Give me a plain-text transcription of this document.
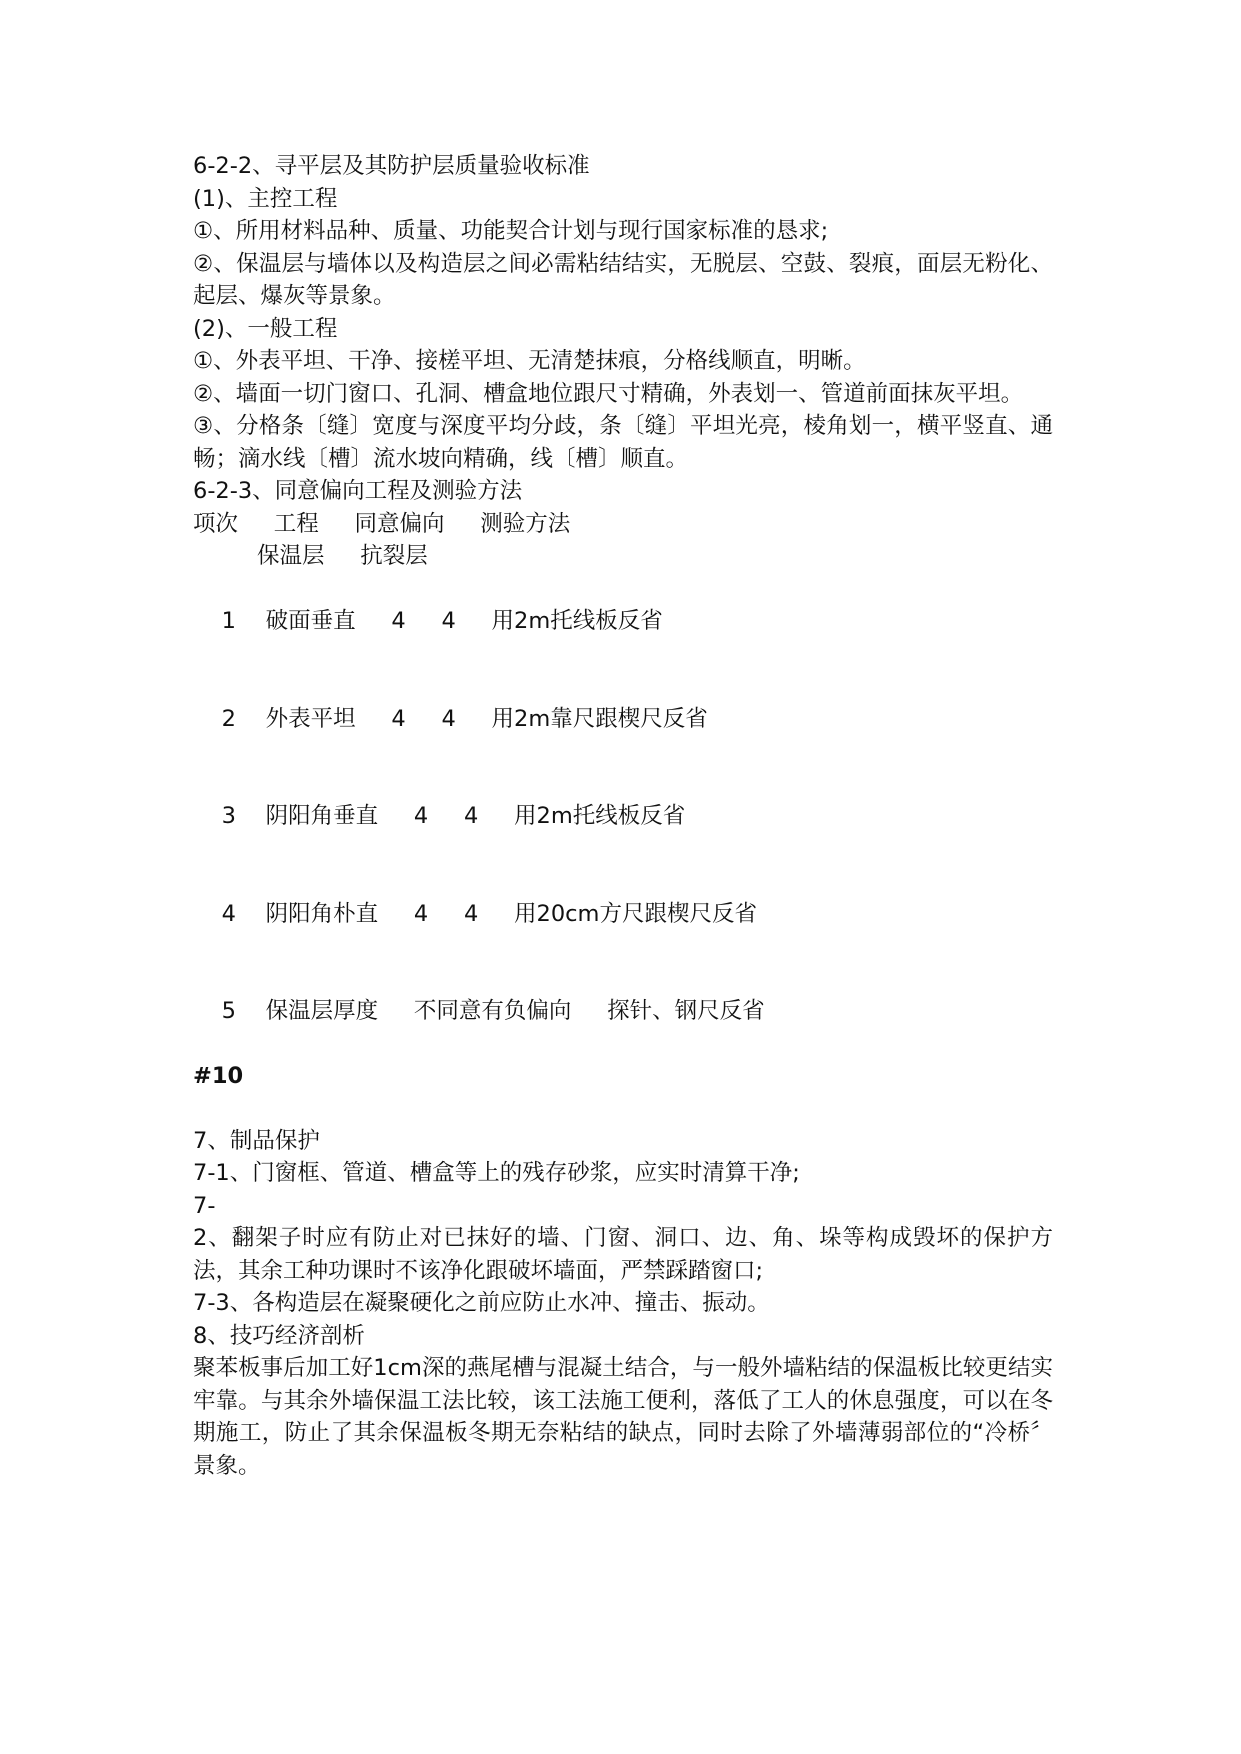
6-2-2、寻平层及其防护层质量验收标准
(1)、主控工程
①、所用材料品种、质量、功能契合计划与现行国家标准的恳求;
②、保温层与墙体以及构造层之间必需粘结结实，无脱层、空鼓、裂痕，面层无粉化、起层、爆灰等景象。
(2)、一般工程
①、外表平坦、干净、接槎平坦、无清楚抹痕，分格线顺直，明晰。
②、墙面一切门窗口、孔洞、槽盒地位跟尺寸精确，外表划一、管道前面抹灰平坦。
③、分格条〔缝〕宽度与深度平均分歧，条〔缝〕平坦光亮，棱角划一，横平竖直、通畅；滴水线〔槽〕流水坡向精确，线〔槽〕顺直。
6-2-3、同意偏向工程及测验方法
项次     工程     同意偏向     测验方法
保温层     抗裂层

1 破面垂直     4     4     用2m托线板反省

2 外表平坦     4     4     用2m靠尺跟楔尺反省

3 阴阳角垂直     4     4     用2m托线板反省

4 阴阳角朴直     4     4     用20cm方尺跟楔尺反省

5 保温层厚度     不同意有负偏向     探针、钢尺反省

#10
7、制品保护
7-1、门窗框、管道、槽盒等上的残存砂浆，应实时清算干净;
7-
2、翻架子时应有防止对已抹好的墙、门窗、洞口、边、角、垛等构成毁坏的保护方法，其余工种功课时不该净化跟破坏墙面，严禁踩踏窗口;
7-3、各构造层在凝聚硬化之前应防止水冲、撞击、振动。
8、技巧经济剖析
聚苯板事后加工好1cm深的燕尾槽与混凝土结合，与一般外墙粘结的保温板比较更结实牢靠。与其余外墙保温工法比较，该工法施工便利，落低了工人的休息强度，可以在冬期施工，防止了其余保温板冬期无奈粘结的缺点，同时去除了外墙薄弱部位的“冷桥〞景象。
